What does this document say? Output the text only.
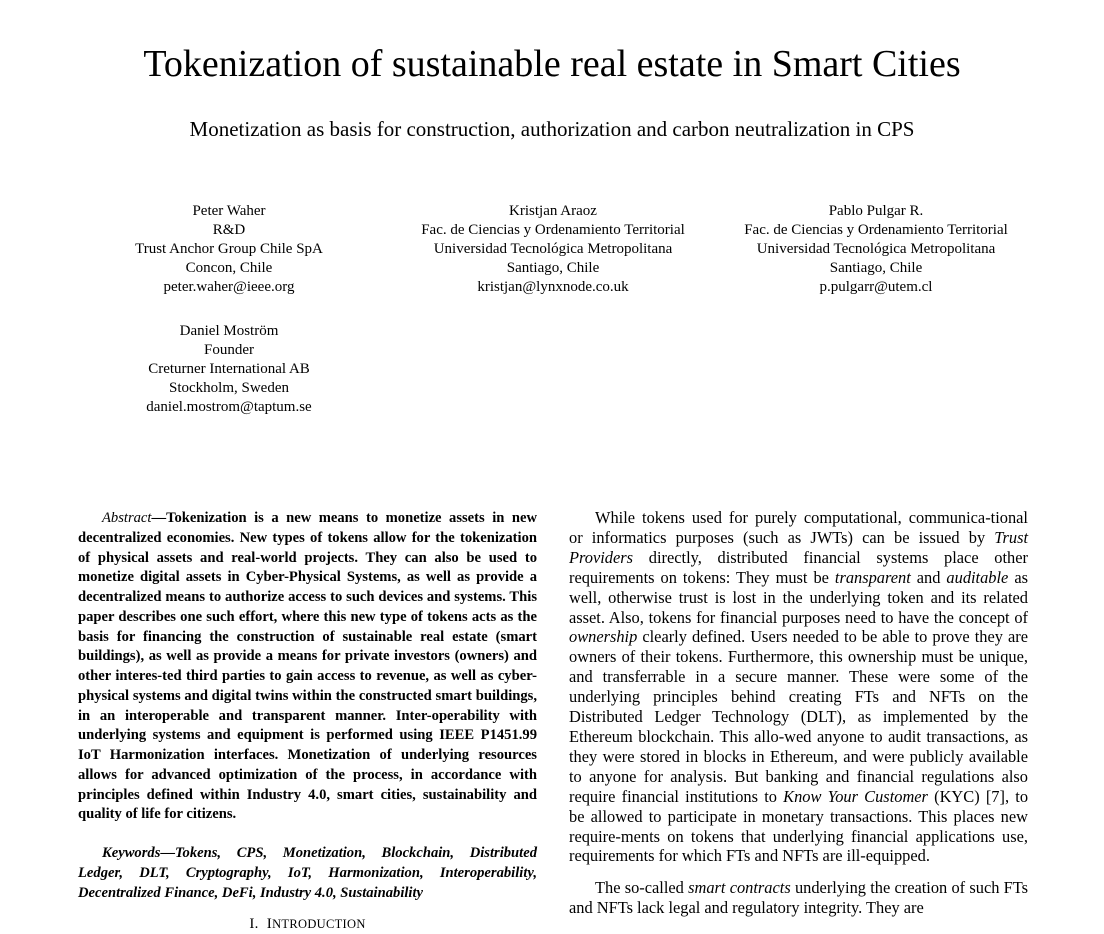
Tokenization of sustainable real estate in Smart Cities
Monetization as basis for construction, authorization and carbon neutralization in CPS
Peter Waher
R&D
Trust Anchor Group Chile SpA
Concon, Chile
peter.waher@ieee.org
Kristjan Araoz
Fac. de Ciencias y Ordenamiento Territorial
Universidad Tecnológica Metropolitana
Santiago, Chile
kristjan@lynxnode.co.uk
Pablo Pulgar R.
Fac. de Ciencias y Ordenamiento Territorial
Universidad Tecnológica Metropolitana
Santiago, Chile
p.pulgarr@utem.cl
Daniel Moström
Founder
Creturner International AB
Stockholm, Sweden
daniel.mostrom@taptum.se

Abstract—Tokenization is a new means to monetize assets in new decentralized economies. New types of tokens allow for the tokenization of physical assets and real-world projects. They can also be used to monetize digital assets in Cyber-Physical Systems, as well as provide a decentralized means to authorize access to such devices and systems. This paper describes one such effort, where this new type of tokens acts as the basis for financing the construction of sustainable real estate (smart buildings), as well as provide a means for private investors (owners) and other interes-ted third parties to gain access to revenue, as well as cyber-physical systems and digital twins within the constructed smart buildings, in an interoperable and transparent manner. Inter-operability with underlying systems and equipment is performed using IEEE P1451.99 IoT Harmonization interfaces. Monetization of underlying resources allows for advanced optimization of the process, in accordance with principles defined within Industry 4.0, smart cities, sustainability and quality of life for citizens.

Keywords—Tokens, CPS, Monetization, Blockchain, Distributed Ledger, DLT, Cryptography, IoT, Harmonization, Interoperability, Decentralized Finance, DeFi, Industry 4.0, Sustainability

I. INTRODUCTION

While tokens used for purely computational, communica-tional or informatics purposes (such as JWTs) can be issued by Trust Providers directly, distributed financial systems place other requirements on tokens: They must be transparent and auditable as well, otherwise trust is lost in the underlying token and its related asset. Also, tokens for financial purposes need to have the concept of ownership clearly defined. Users needed to be able to prove they are owners of their tokens. Furthermore, this ownership must be unique, and transferrable in a secure manner. These were some of the underlying principles behind creating FTs and NFTs on the Distributed Ledger Technology (DLT), as implemented by the Ethereum blockchain. This allo-wed anyone to audit transactions, as they were stored in blocks in Ethereum, and were publicly available to anyone for analysis. But banking and financial regulations also require financial institutions to Know Your Customer (KYC) [7], to be allowed to participate in monetary transactions. This places new require-ments on tokens that underlying financial applications use, requirements for which FTs and NFTs are ill-equipped.

The so-called smart contracts underlying the creation of such FTs and NFTs lack legal and regulatory integrity. They are
